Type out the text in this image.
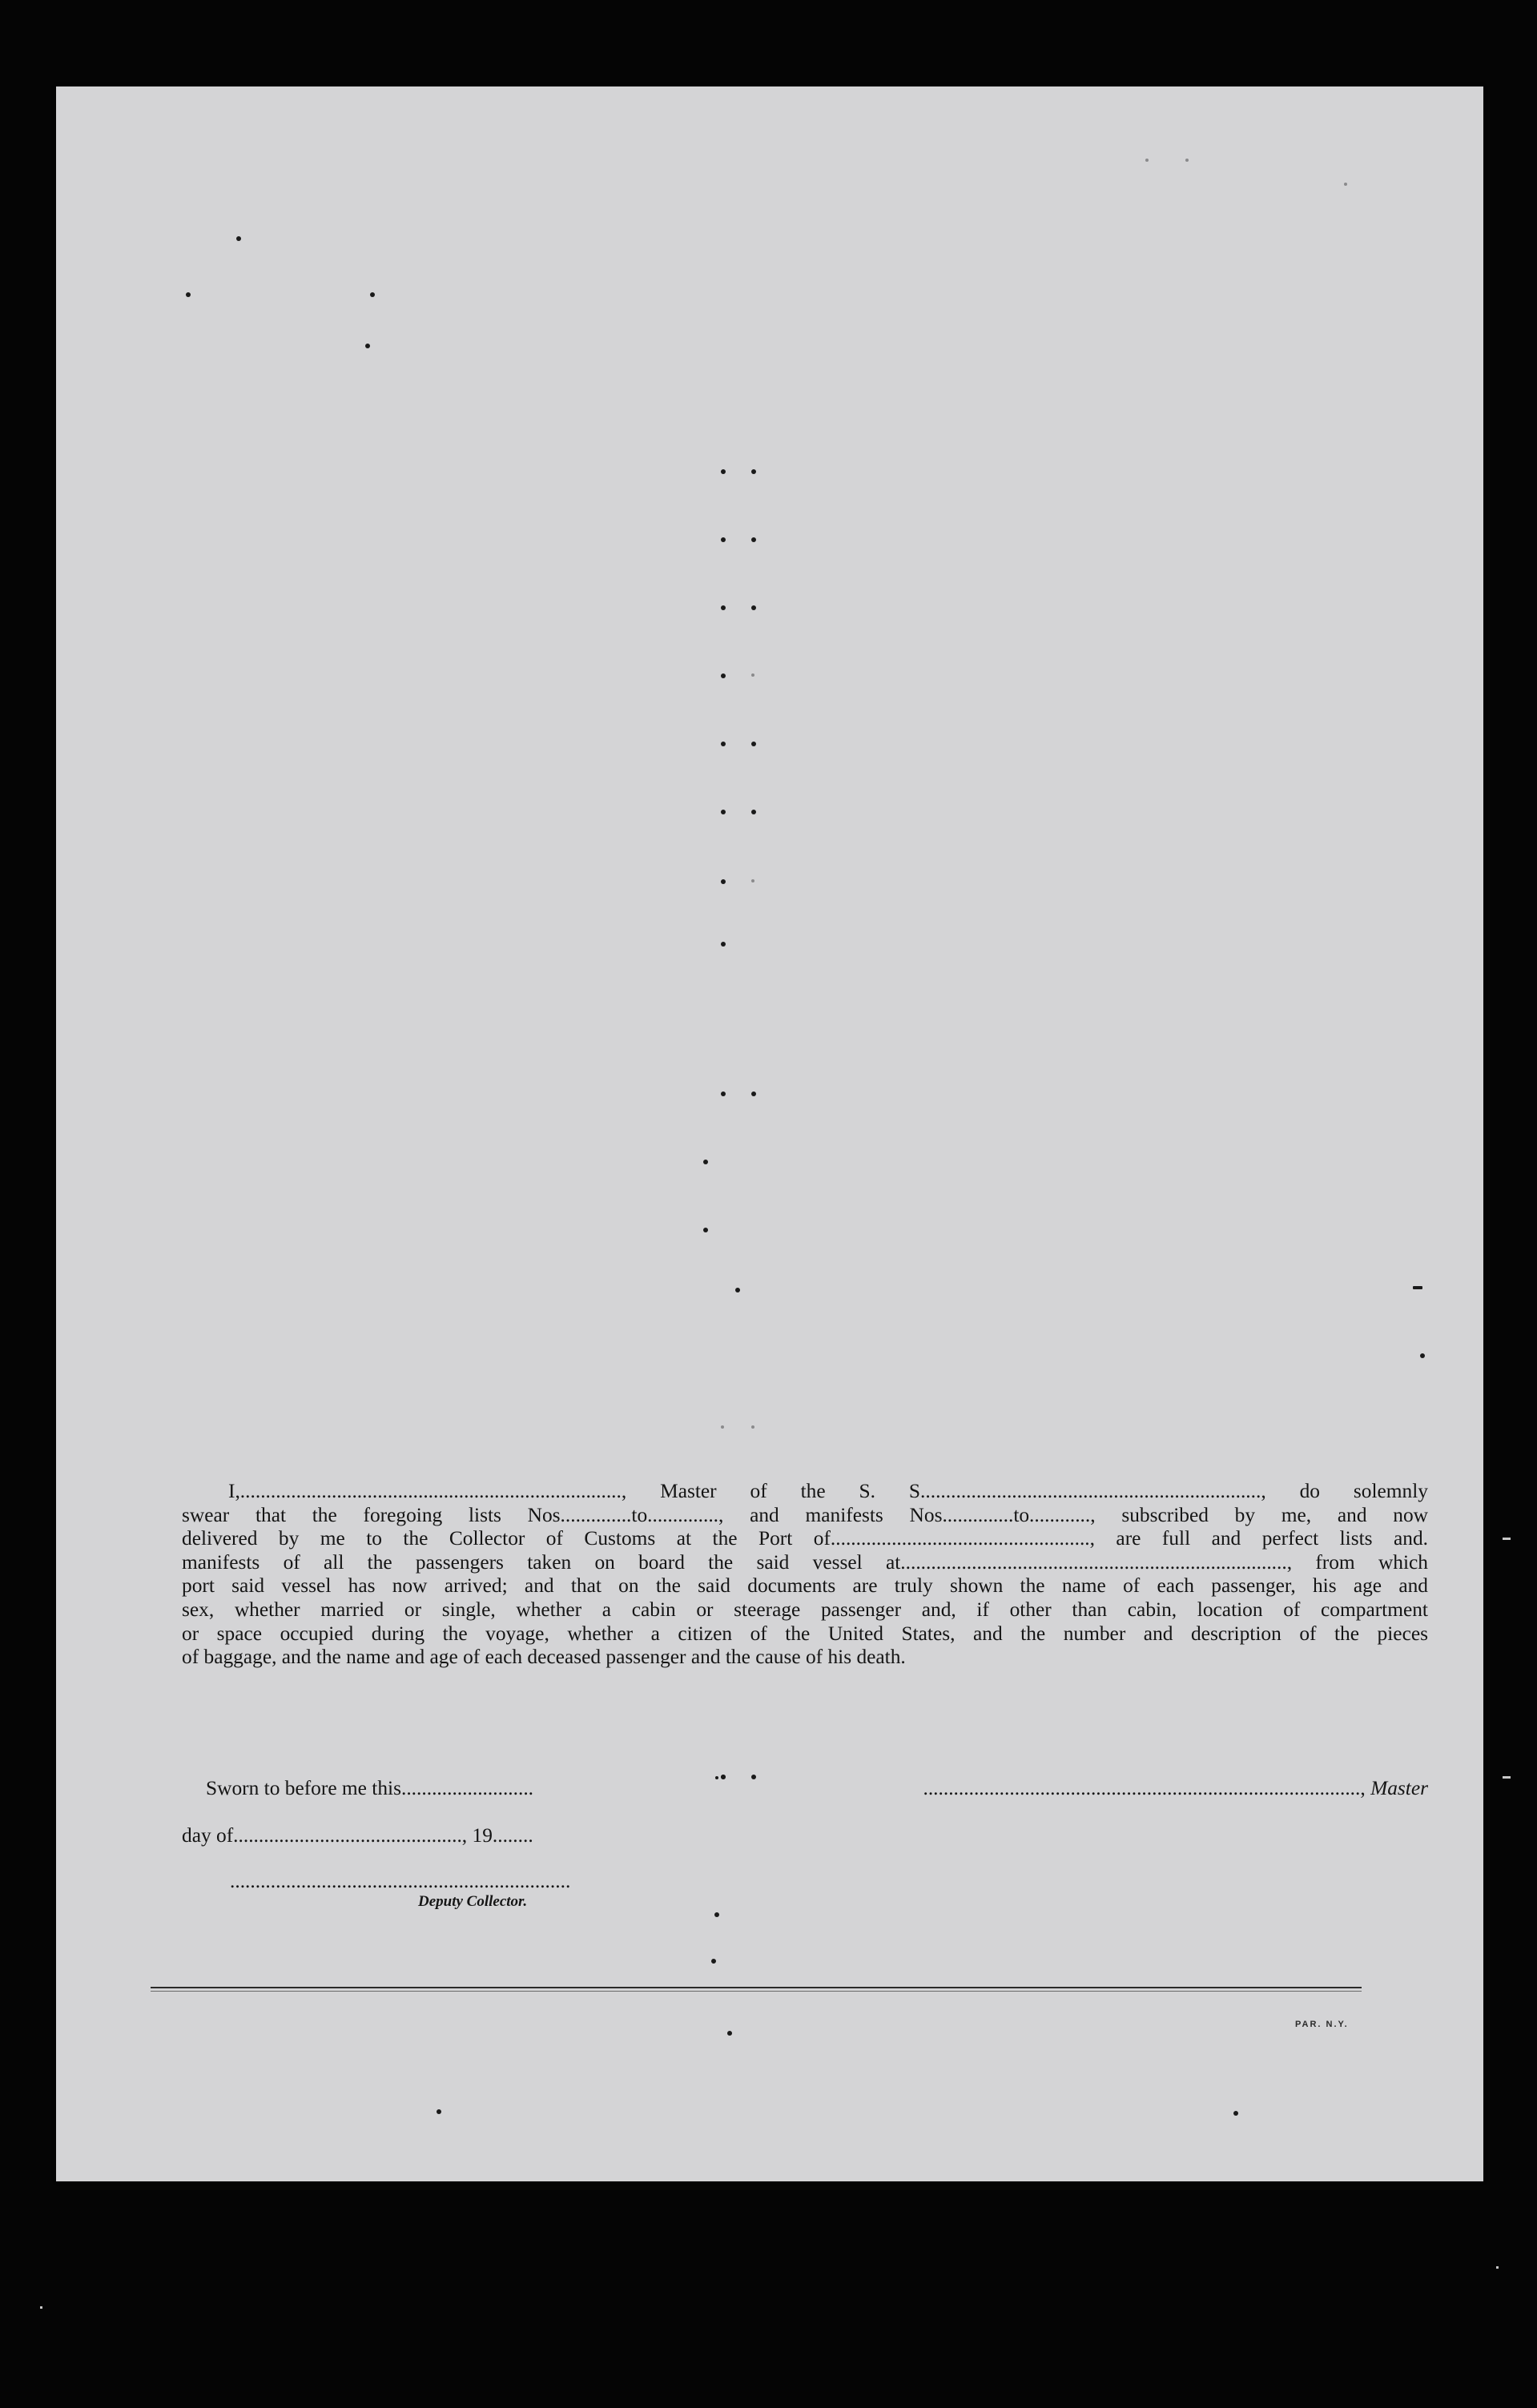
I,..........................................................................., Master of the S. S..................................................................., do solemnly
swear that the foregoing lists Nos..............to.............., and manifests Nos..............to............, subscribed by me, and now
delivered by me to the Collector of Customs at the Port of..................................................., are full and perfect lists and.
manifests of all the passengers taken on board the said vessel at............................................................................, from which
port said vessel has now arrived; and that on the said documents are truly shown the name of each passenger, his age and
sex, whether married or single, whether a cabin or steerage passenger and, if other than cabin, location of compartment
or space occupied during the voyage, whether a citizen of the United States, and the number and description of the pieces
of baggage, and the name and age of each deceased passenger and the cause of his death.
Sworn to before me this..........................	......................................................................................, Master
day of............................................., 19........
...................................................................
Deputy Collector.
PAR. N.Y.
